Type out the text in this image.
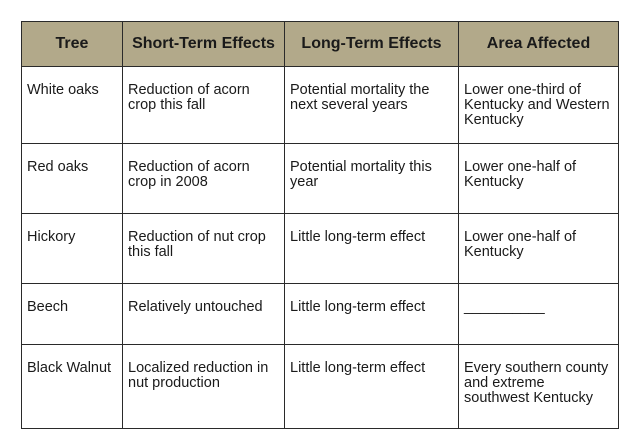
Tree	Short-Term Effects	Long-Term Effects	Area Affected
White oaks	Reduction of acorn crop this fall	Potential mortality the next several years	Lower one-third of Kentucky and Western Kentucky
Red oaks	Reduction of acorn crop in 2008	Potential mortality this year	Lower one-half of Kentucky
Hickory	Reduction of nut crop this fall	Little long-term effect	Lower one-half of Kentucky
Beech	Relatively untouched	Little long-term effect	__________
Black Walnut	Localized reduction in nut production	Little long-term effect	Every southern county and extreme southwest Kentucky
